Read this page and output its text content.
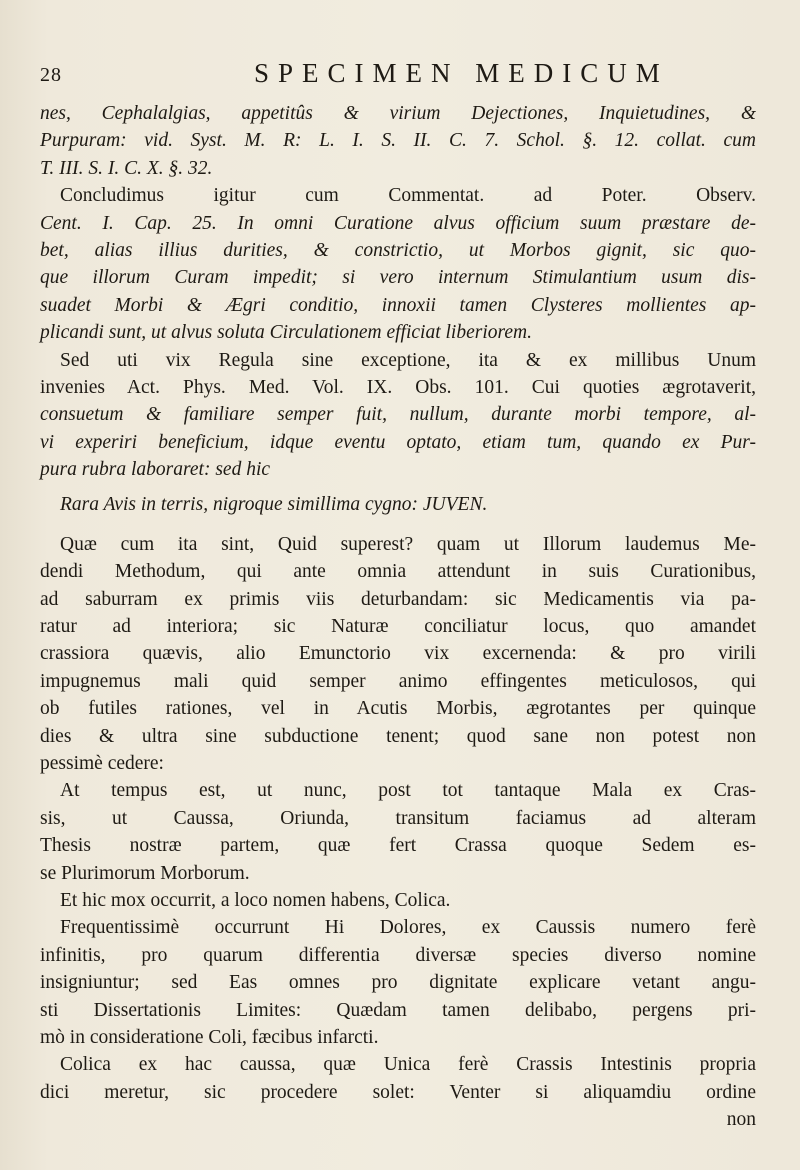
28	SPECIMEN MEDICUM
nes, Cephalalgias, appetitûs & virium Dejectiones, Inquietudines, &
Purpuram: vid. Syst. M. R: L. I. S. II. C. 7. Schol. §. 12. collat. cum
T. III. S. I. C. X. §. 32.
Concludimus igitur cum Commentat. ad Poter. Observ.
Cent. I. Cap. 25. In omni Curatione alvus officium suum præstare de-
bet, alias illius durities, & constrictio, ut Morbos gignit, sic quo-
que illorum Curam impedit; si vero internum Stimulantium usum dis-
suadet Morbi & Ægri conditio, innoxii tamen Clysteres mollientes ap-
plicandi sunt, ut alvus soluta Circulationem efficiat liberiorem.
Sed uti vix Regula sine exceptione, ita & ex millibus Unum
invenies Act. Phys. Med. Vol. IX. Obs. 101. Cui quoties ægrotaverit,
consuetum & familiare semper fuit, nullum, durante morbi tempore, al-
vi experiri beneficium, idque eventu optato, etiam tum, quando ex Pur-
pura rubra laboraret: sed hic
Rara Avis in terris, nigroque simillima cygno: JUVEN.
Quæ cum ita sint, Quid superest? quam ut Illorum laudemus Me-
dendi Methodum, qui ante omnia attendunt in suis Curationibus,
ad saburram ex primis viis deturbandam: sic Medicamentis via pa-
ratur ad interiora; sic Naturæ conciliatur locus, quo amandet
crassiora quævis, alio Emunctorio vix excernenda: & pro virili
impugnemus mali quid semper animo effingentes meticulosos, qui
ob futiles rationes, vel in Acutis Morbis, ægrotantes per quinque
dies & ultra sine subductione tenent; quod sane non potest non
pessimè cedere:
At tempus est, ut nunc, post tot tantaque Mala ex Cras-
sis, ut Caussa, Oriunda, transitum faciamus ad alteram
Thesis nostræ partem, quæ fert Crassa quoque Sedem es-
se Plurimorum Morborum.
Et hic mox occurrit, a loco nomen habens, Colica.
Frequentissimè occurrunt Hi Dolores, ex Caussis numero ferè
infinitis, pro quarum differentia diversæ species diverso nomine
insigniuntur; sed Eas omnes pro dignitate explicare vetant angu-
sti Dissertationis Limites: Quædam tamen delibabo, pergens pri-
mò in consideratione Coli, fæcibus infarcti.
Colica ex hac caussa, quæ Unica ferè Crassis Intestinis propria
dici meretur, sic procedere solet: Venter si aliquamdiu ordine
non
